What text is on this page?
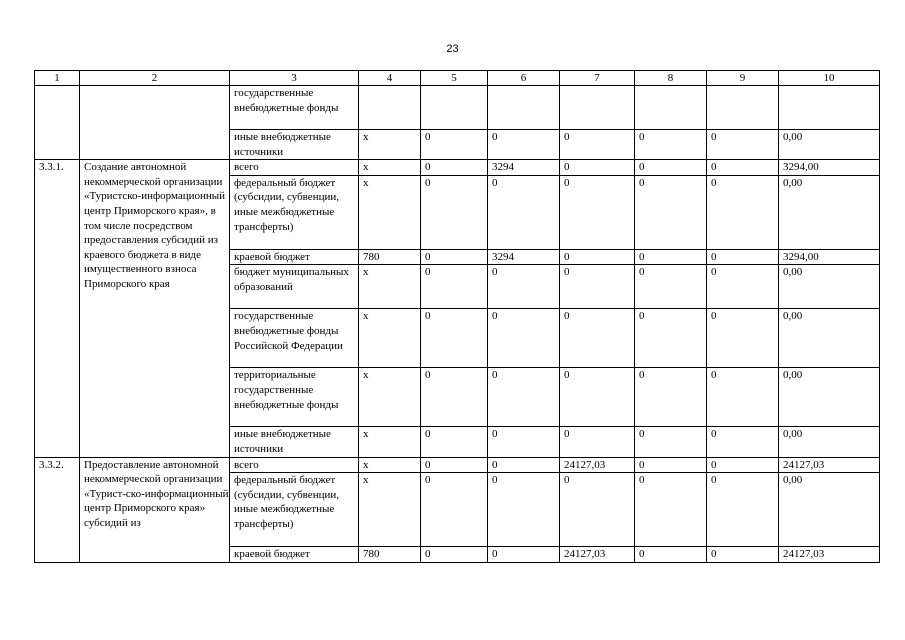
23
1	2	3	4	5	6	7	8	9	10
		государственные внебюджетные фонды							
		иные внебюджетные источники	x	0	0	0	0	0	0,00
3.3.1.	Создание автономной некоммерческой организации «Туристско-информационный центр Приморского края», в том числе посредством предоставления субсидий из краевого бюджета в виде имущественного взноса Приморского края	всего	x	0	3294	0	0	0	3294,00
		федеральный бюджет (субсидии, субвенции, иные межбюджетные трансферты)	x	0	0	0	0	0	0,00
		краевой бюджет	780	0	3294	0	0	0	3294,00
		бюджет муниципальных образований	x	0	0	0	0	0	0,00
		государственные внебюджетные фонды Российской Федерации	x	0	0	0	0	0	0,00
		территориальные государственные внебюджетные фонды	x	0	0	0	0	0	0,00
		иные внебюджетные источники	x	0	0	0	0	0	0,00
3.3.2.	Предоставление автономной некоммерческой организации «Турист-ско-информационный центр Приморского края» субсидий из	всего	x	0	0	24127,03	0	0	24127,03
		федеральный бюджет (субсидии, субвенции, иные межбюджетные трансферты)	x	0	0	0	0	0	0,00
		краевой бюджет	780	0	0	24127,03	0	0	24127,03
